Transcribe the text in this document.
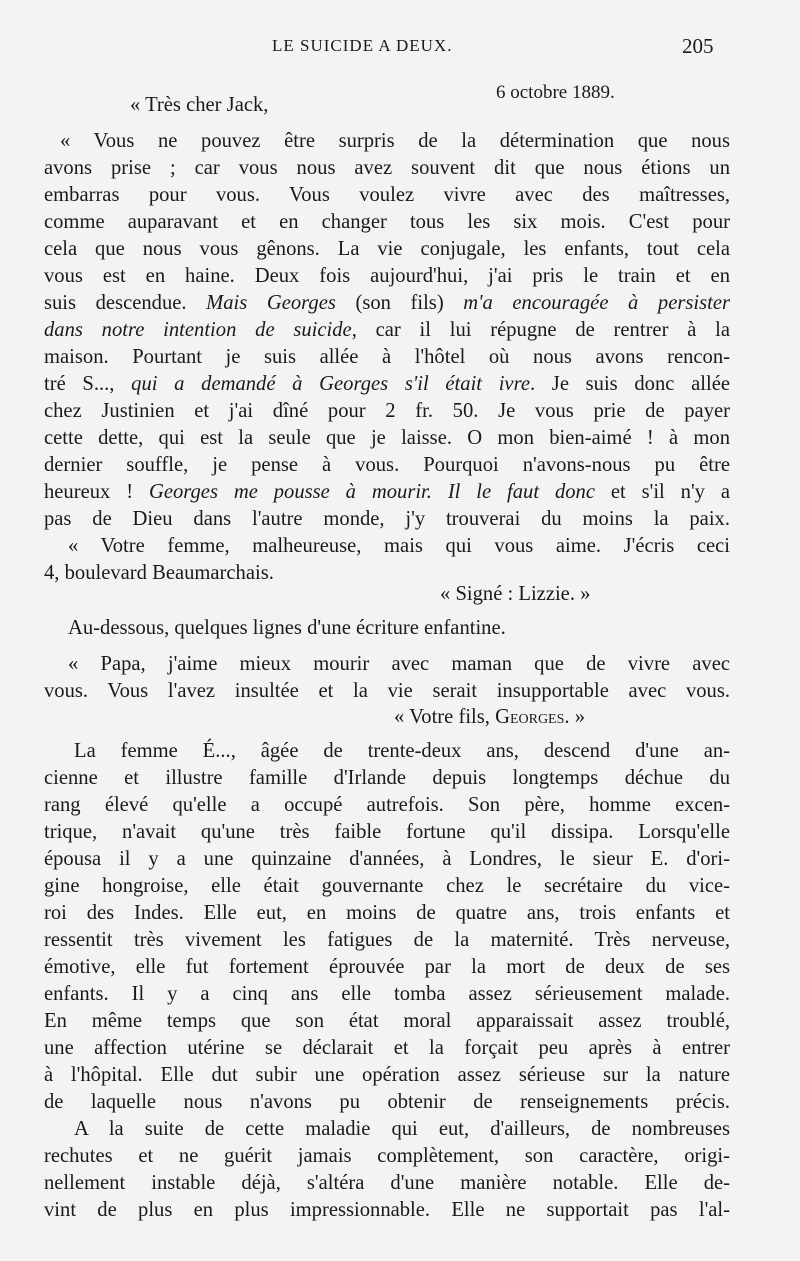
LE SUICIDE A DEUX.	205
6 octobre 1889.
« Très cher Jack,
« Vous ne pouvez être surpris de la détermination que nous
avons prise ; car vous nous avez souvent dit que nous étions un
embarras pour vous. Vous voulez vivre avec des maîtresses,
comme auparavant et en changer tous les six mois. C'est pour
cela que nous vous gênons. La vie conjugale, les enfants, tout cela
vous est en haine. Deux fois aujourd'hui, j'ai pris le train et en
suis descendue. Mais Georges (son fils) m'a encouragée à persister
dans notre intention de suicide, car il lui répugne de rentrer à la
maison. Pourtant je suis allée à l'hôtel où nous avons rencon-
tré S..., qui a demandé à Georges s'il était ivre. Je suis donc allée
chez Justinien et j'ai dîné pour 2 fr. 50. Je vous prie de payer
cette dette, qui est la seule que je laisse. O mon bien-aimé ! à mon
dernier souffle, je pense à vous. Pourquoi n'avons-nous pu être
heureux ! Georges me pousse à mourir. Il le faut donc et s'il n'y a
pas de Dieu dans l'autre monde, j'y trouverai du moins la paix.
« Votre femme, malheureuse, mais qui vous aime. J'écris ceci
4, boulevard Beaumarchais.
« Signé : Lizzie. »
Au-dessous, quelques lignes d'une écriture enfantine.
« Papa, j'aime mieux mourir avec maman que de vivre avec
vous. Vous l'avez insultée et la vie serait insupportable avec vous.
« Votre fils, Georges. »
La femme É..., âgée de trente-deux ans, descend d'une an-
cienne et illustre famille d'Irlande depuis longtemps déchue du
rang élevé qu'elle a occupé autrefois. Son père, homme excen-
trique, n'avait qu'une très faible fortune qu'il dissipa. Lorsqu'elle
épousa il y a une quinzaine d'années, à Londres, le sieur E. d'ori-
gine hongroise, elle était gouvernante chez le secrétaire du vice-
roi des Indes. Elle eut, en moins de quatre ans, trois enfants et
ressentit très vivement les fatigues de la maternité. Très nerveuse,
émotive, elle fut fortement éprouvée par la mort de deux de ses
enfants. Il y a cinq ans elle tomba assez sérieusement malade.
En même temps que son état moral apparaissait assez troublé,
une affection utérine se déclarait et la forçait peu après à entrer
à l'hôpital. Elle dut subir une opération assez sérieuse sur la nature
de laquelle nous n'avons pu obtenir de renseignements précis.
A la suite de cette maladie qui eut, d'ailleurs, de nombreuses
rechutes et ne guérit jamais complètement, son caractère, origi-
nellement instable déjà, s'altéra d'une manière notable. Elle de-
vint de plus en plus impressionnable. Elle ne supportait pas l'al-
